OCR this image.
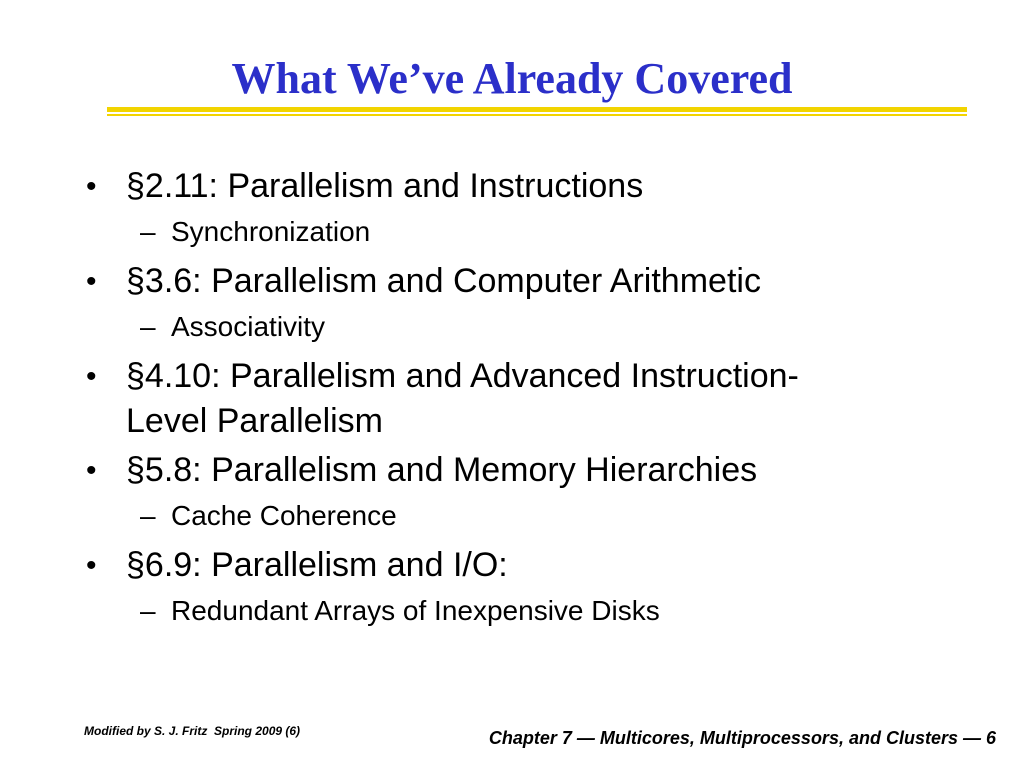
What We’ve Already Covered
• §2.11: Parallelism and Instructions
– Synchronization
• §3.6: Parallelism and Computer Arithmetic
– Associativity
• §4.10: Parallelism and Advanced Instruction-
Level Parallelism
• §5.8: Parallelism and Memory Hierarchies
– Cache Coherence
• §6.9: Parallelism and I/O:
– Redundant Arrays of Inexpensive Disks
Modified by S. J. Fritz  Spring 2009 (6)	Chapter 7 — Multicores, Multiprocessors, and Clusters — 6
